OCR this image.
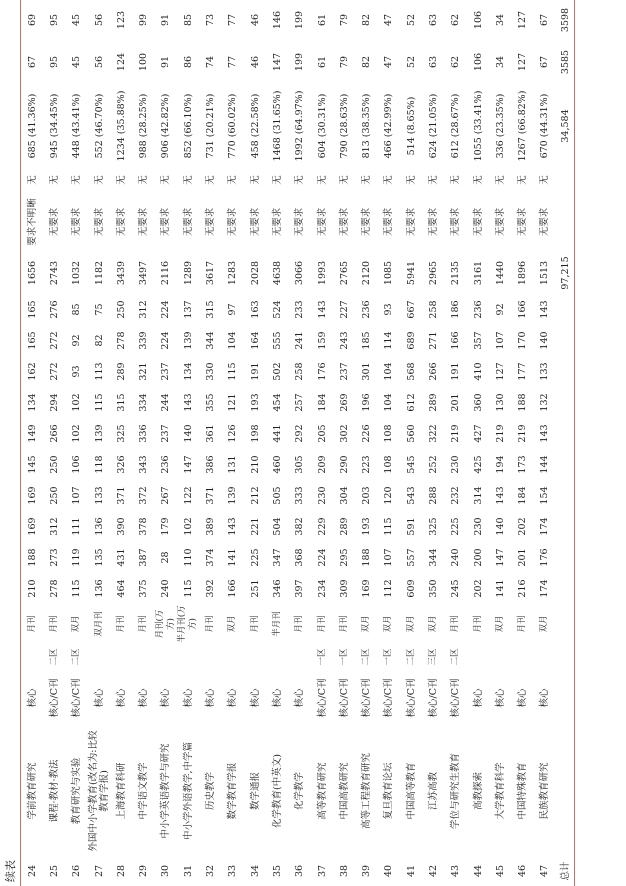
续表 24	学前教育研究	核心		月刊	210	188	169	169	145	149	134	162	165	165	1656	要求不明晰	无	685 (41.36%)	67	69
25	课程·教材·教法	核心/C刊	二区	月刊	278	273	312	250	250	266	294	272	272	276	2743	无要求	无	945 (34.45%)	95	95
26	教育研究与实验	核心/C刊	二区	双月	115	119	111	107	106	102	102	93	92	85	1032	无要求	无	448 (43.41%)	45	45
27	外国中小学教育(改名为:比较教育学报)	核心		双月刊	136	135	136	133	118	139	115	113	82	75	1182	无要求	无	552 (46.70%)	56	56
28	上海教育科研	核心		月刊	464	431	390	371	326	325	315	289	278	250	3439	无要求	无	1234 (35.88%)	124	123
29	中学语文教学	核心		月刊	375	387	378	372	343	336	334	321	339	312	3497	无要求	无	988 (28.25%)	100	99
30	中小学英语教学与研究	核心		月刊(万方)	240	28	179	267	236	237	244	237	224	224	2116	无要求	无	906 (42.82%)	91	91
31	中小学外语教学,中学篇	核心		半月刊(万方)	115	110	102	122	147	140	143	134	139	137	1289	无要求	无	852 (66.10%)	86	85
32	历史教学	核心		月刊	392	374	389	371	386	361	355	330	344	315	3617	无要求	无	731 (20.21%)	74	73
33	数学教育学报	核心		双月	166	141	143	139	131	126	121	115	104	97	1283	无要求	无	770 (60.02%)	77	77
34	数学通报	核心		月刊	251	225	221	212	210	198	193	191	164	163	2028	无要求	无	458 (22.58%)	46	46
35	化学教育(中英文)	核心		半月刊	346	347	504	505	460	441	454	502	555	524	4638	无要求	无	1468 (31.65%)	147	146
36	化学教学	核心		月刊	397	368	382	333	305	292	257	258	241	233	3066	无要求	无	1992 (64.97%)	199	199
37	高等教育研究	核心/C刊	一区	月刊	234	224	229	230	209	205	184	176	159	143	1993	无要求	无	604 (30.31%)	61	61
38	中国高教研究	核心/C刊	一区	月刊	309	295	289	304	290	302	269	237	243	227	2765	无要求	无	790 (28.63%)	79	79
39	高等工程教育研究	核心/C刊	二区	双月	169	188	193	203	223	226	196	301	185	236	2120	无要求	无	813 (38.35%)	82	82
40	复旦教育论坛	核心/C刊	一区	双月	112	107	115	120	108	108	104	104	114	93	1085	无要求	无	466 (42.99%)	47	47
41	中国高等教育	核心/C刊	二区	双月	609	557	591	543	545	560	612	568	689	667	5941	无要求	无	514 (8.65%)	52	52
42	江苏高教	核心/C刊	三区	双月	350	344	325	288	252	322	289	266	271	258	2965	无要求	无	624 (21.05%)	63	63
43	学位与研究生教育	核心/C刊	二区	月刊	245	240	225	232	230	219	201	191	166	186	2135	无要求	无	612 (28.67%)	62	62
44	高教探索	核心		月刊	202	200	230	314	425	427	360	410	357	236	3161	无要求	无	1055 (33.41%)	106	106
45	大学教育科学	核心		双月	141	147	140	143	194	219	130	127	107	92	1440	无要求	无	336 (23.35%)	34	34
46	中国特殊教育	核心		月刊	216	201	202	184	173	219	188	177	170	166	1896	无要求	无	1267 (66.82%)	127	127
47	民族教育研究	核心		双月	174	176	174	154	144	143	132	133	140	143	1513	无要求	无	670 (44.31%)	67	67
总计															97,215			34,584	3585	3598
